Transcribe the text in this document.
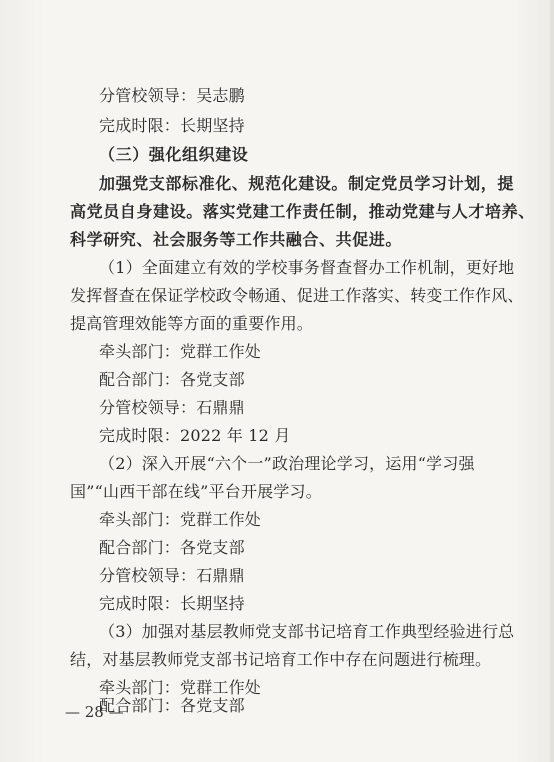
分管校领导：吴志鹏
完成时限：长期坚持
（三）强化组织建设
加强党支部标准化、规范化建设。制定党员学习计划，提
高党员自身建设。落实党建工作责任制，推动党建与人才培养、
科学研究、社会服务等工作共融合、共促进。
（1）全面建立有效的学校事务督查督办工作机制，更好地
发挥督查在保证学校政令畅通、促进工作落实、转变工作作风、
提高管理效能等方面的重要作用。
牵头部门：党群工作处
配合部门：各党支部
分管校领导：石鼎鼎
完成时限：2022 年 12 月
（2）深入开展“六个一”政治理论学习，运用“学习强
国”“山西干部在线”平台开展学习。
牵头部门：党群工作处
配合部门：各党支部
分管校领导：石鼎鼎
完成时限：长期坚持
— 28 —
（3）加强对基层教师党支部书记培育工作典型经验进行总
结，对基层教师党支部书记培育工作中存在问题进行梳理。
牵头部门：党群工作处
配合部门：各党支部
